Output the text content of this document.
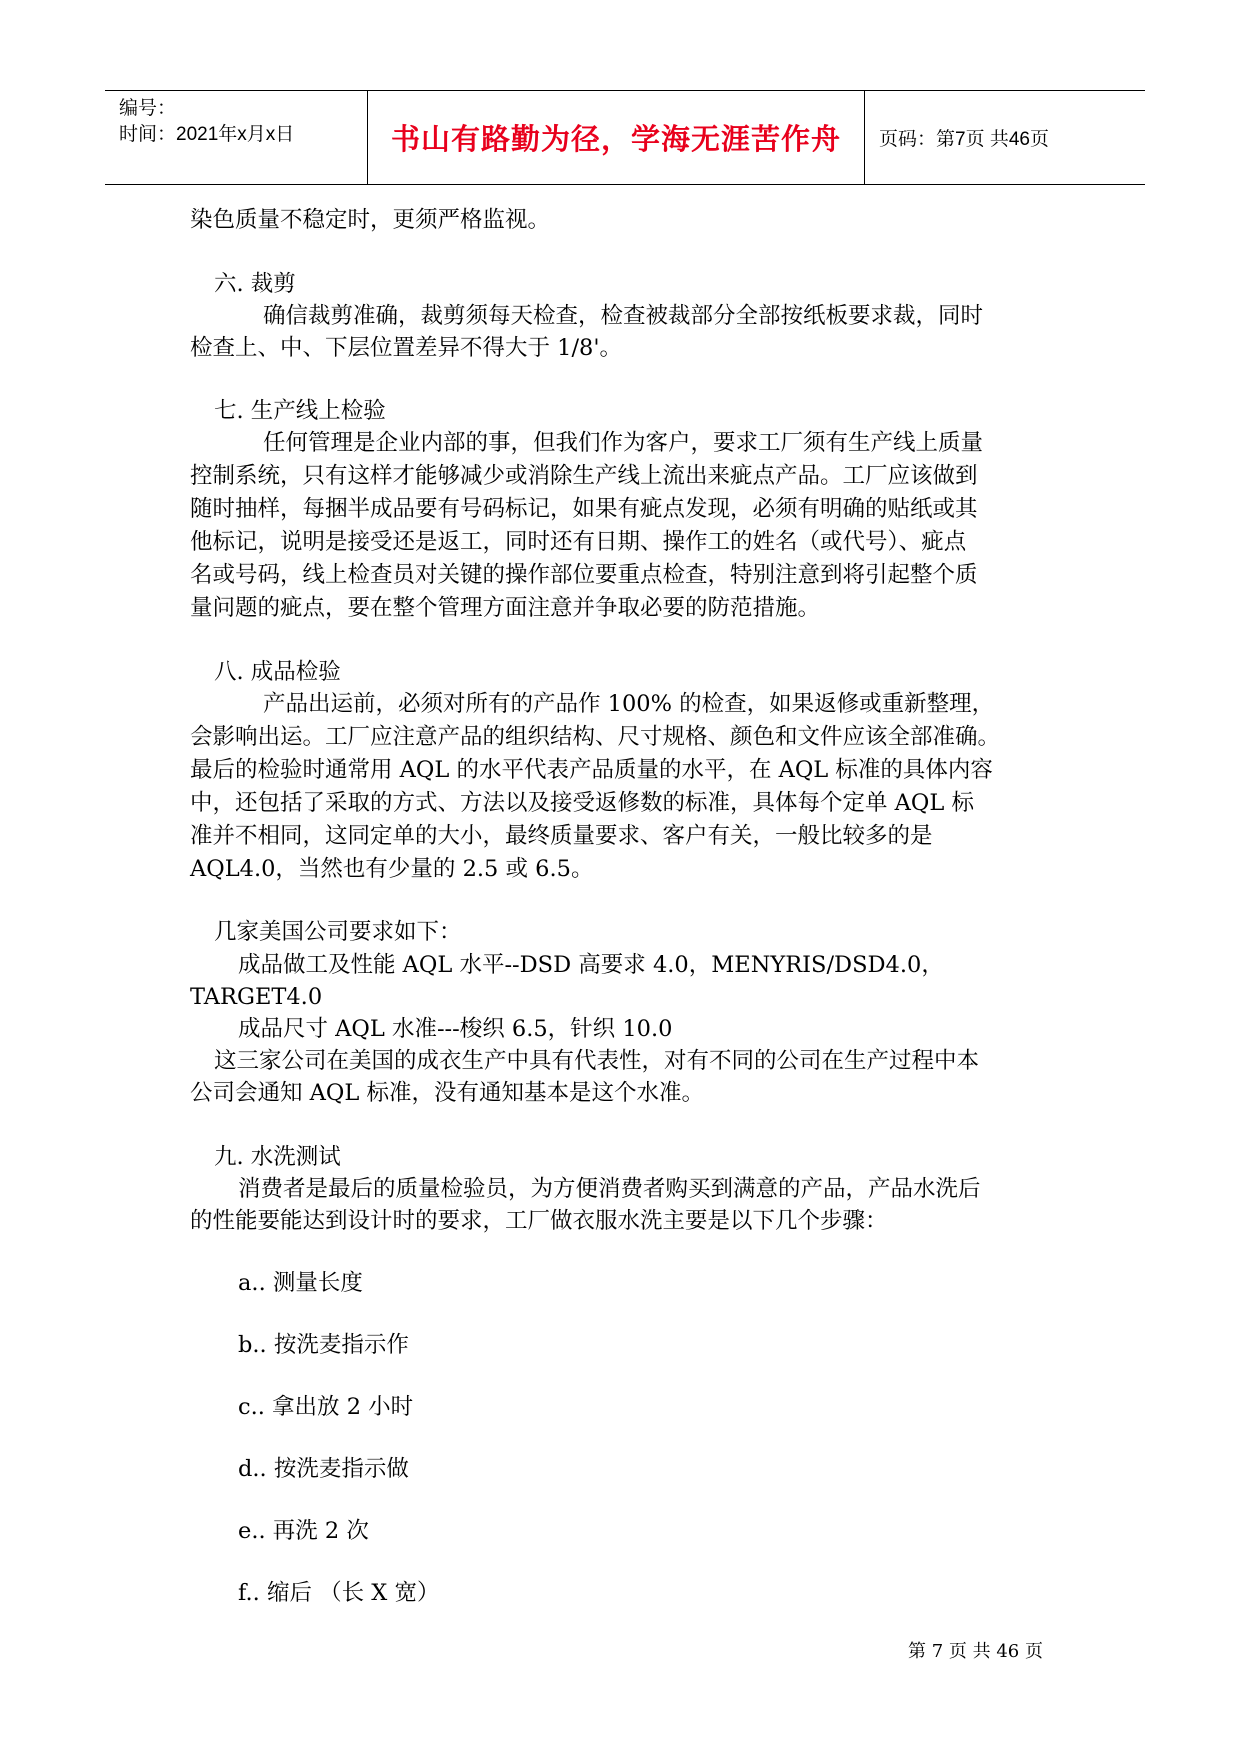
编号：
时间：2021年x月x日	书山有路勤为径，学海无涯苦作舟	页码：第7页 共46页
染色质量不稳定时，更须严格监视。
六. 裁剪
确信裁剪准确，裁剪须每天检查，检查被裁部分全部按纸板要求裁，同时
检查上、中、下层位置差异不得大于 1/8'。
七. 生产线上检验
任何管理是企业内部的事，但我们作为客户，要求工厂须有生产线上质量
控制系统，只有这样才能够减少或消除生产线上流出来疵点产品。工厂应该做到
随时抽样，每捆半成品要有号码标记，如果有疵点发现，必须有明确的贴纸或其
他标记，说明是接受还是返工，同时还有日期、操作工的姓名（或代号）、疵点
名或号码，线上检查员对关键的操作部位要重点检查，特别注意到将引起整个质
量问题的疵点，要在整个管理方面注意并争取必要的防范措施。
八. 成品检验
产品出运前，必须对所有的产品作 100% 的检查，如果返修或重新整理，
会影响出运。工厂应注意产品的组织结构、尺寸规格、颜色和文件应该全部准确。
最后的检验时通常用 AQL 的水平代表产品质量的水平，在 AQL 标准的具体内容
中，还包括了采取的方式、方法以及接受返修数的标准，具体每个定单 AQL 标
准并不相同，这同定单的大小，最终质量要求、客户有关，一般比较多的是
AQL4.0，当然也有少量的 2.5 或 6.5。
几家美国公司要求如下：
成品做工及性能 AQL 水平--DSD 高要求 4.0，MENYRIS/DSD4.0，
TARGET4.0
成品尺寸 AQL 水准---梭织 6.5，针织 10.0
这三家公司在美国的成衣生产中具有代表性，对有不同的公司在生产过程中本
公司会通知 AQL 标准，没有通知基本是这个水准。
九. 水洗测试
消费者是最后的质量检验员，为方便消费者购买到满意的产品，产品水洗后
的性能要能达到设计时的要求，工厂做衣服水洗主要是以下几个步骤：
a.. 测量长度
b.. 按洗麦指示作
c.. 拿出放 2 小时
d.. 按洗麦指示做
e.. 再洗 2 次
f.. 缩后 （长 X 宽）
第 7 页 共 46 页
